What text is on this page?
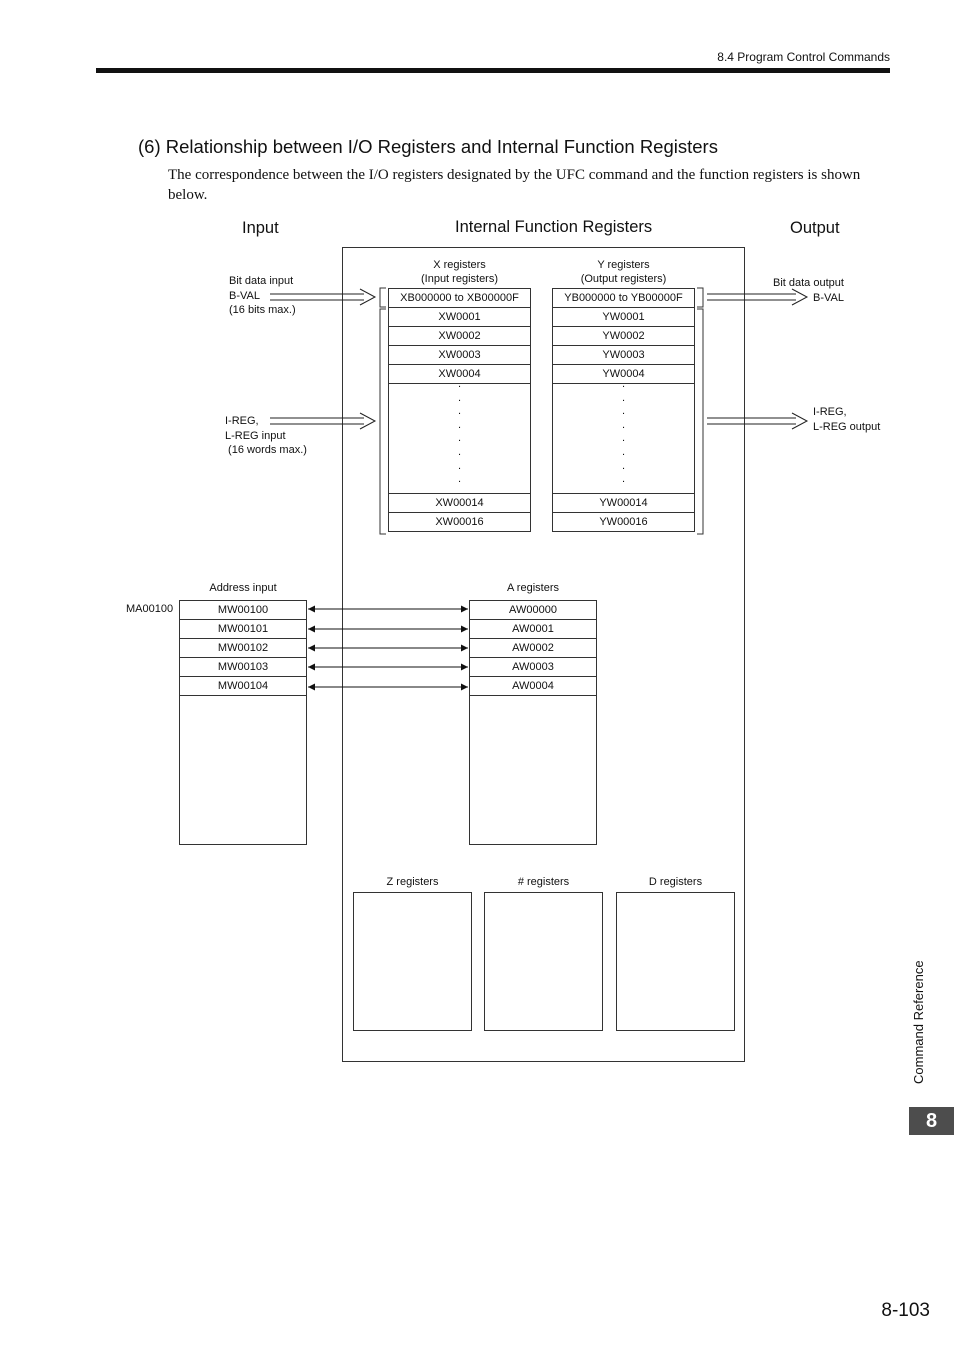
8.4 Program Control Commands
(6) Relationship between I/O Registers and Internal Function Registers
The correspondence between the I/O registers designated by the UFC command and the function registers is shown below.
Input	Internal Function Registers	Output
Bit data input
B-VAL
(16 bits max.)
I-REG,
L-REG input
(16 words max.)
Bit data output
B-VAL
I-REG,
L-REG output
X registers
(Input registers)
XB000000 to XB00000F
XW0001
XW0002
XW0003
XW0004
.
.
.
.
.
.
.
.
XW00014
XW00016
Y registers
(Output registers)
YB000000 to YB00000F
YW0001
YW0002
YW0003
YW0004
.
.
.
.
.
.
.
.
YW00014
YW00016
Address input
MA00100	MW00100
MW00101
MW00102
MW00103
MW00104
A registers
AW00000
AW0001
AW0002
AW0003
AW0004
Z registers	# registers	D registers
Command Reference
8
8-103
